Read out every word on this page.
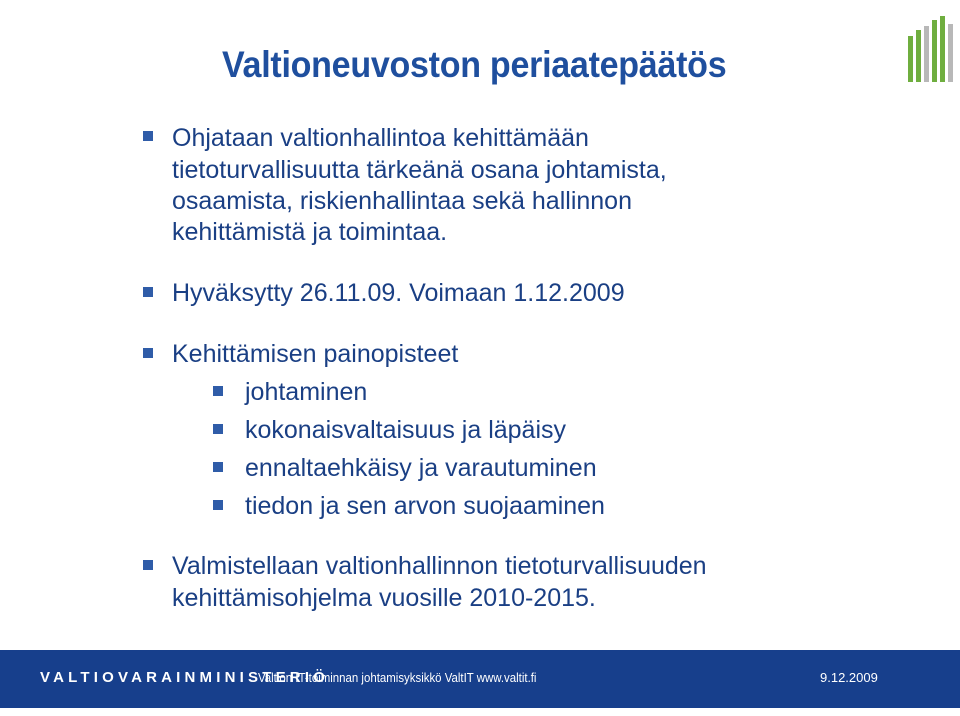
Valtioneuvoston periaatepäätös
Ohjataan valtionhallintoa kehittämään
tietoturvallisuutta tärkeänä osana johtamista,
osaamista, riskienhallintaa sekä hallinnon
kehittämistä ja toimintaa.
Hyväksytty 26.11.09. Voimaan 1.12.2009
Kehittämisen painopisteet
johtaminen
kokonaisvaltaisuus ja läpäisy
ennaltaehkäisy ja varautuminen
tiedon ja sen arvon suojaaminen
Valmistellaan valtionhallinnon tietoturvallisuuden
kehittämisohjelma vuosille 2010-2015.
VALTIOVARAINMINISTERIÖ
Valtion IT-toiminnan johtamisyksikkö ValtIT www.valtit.fi	9.12.2009
